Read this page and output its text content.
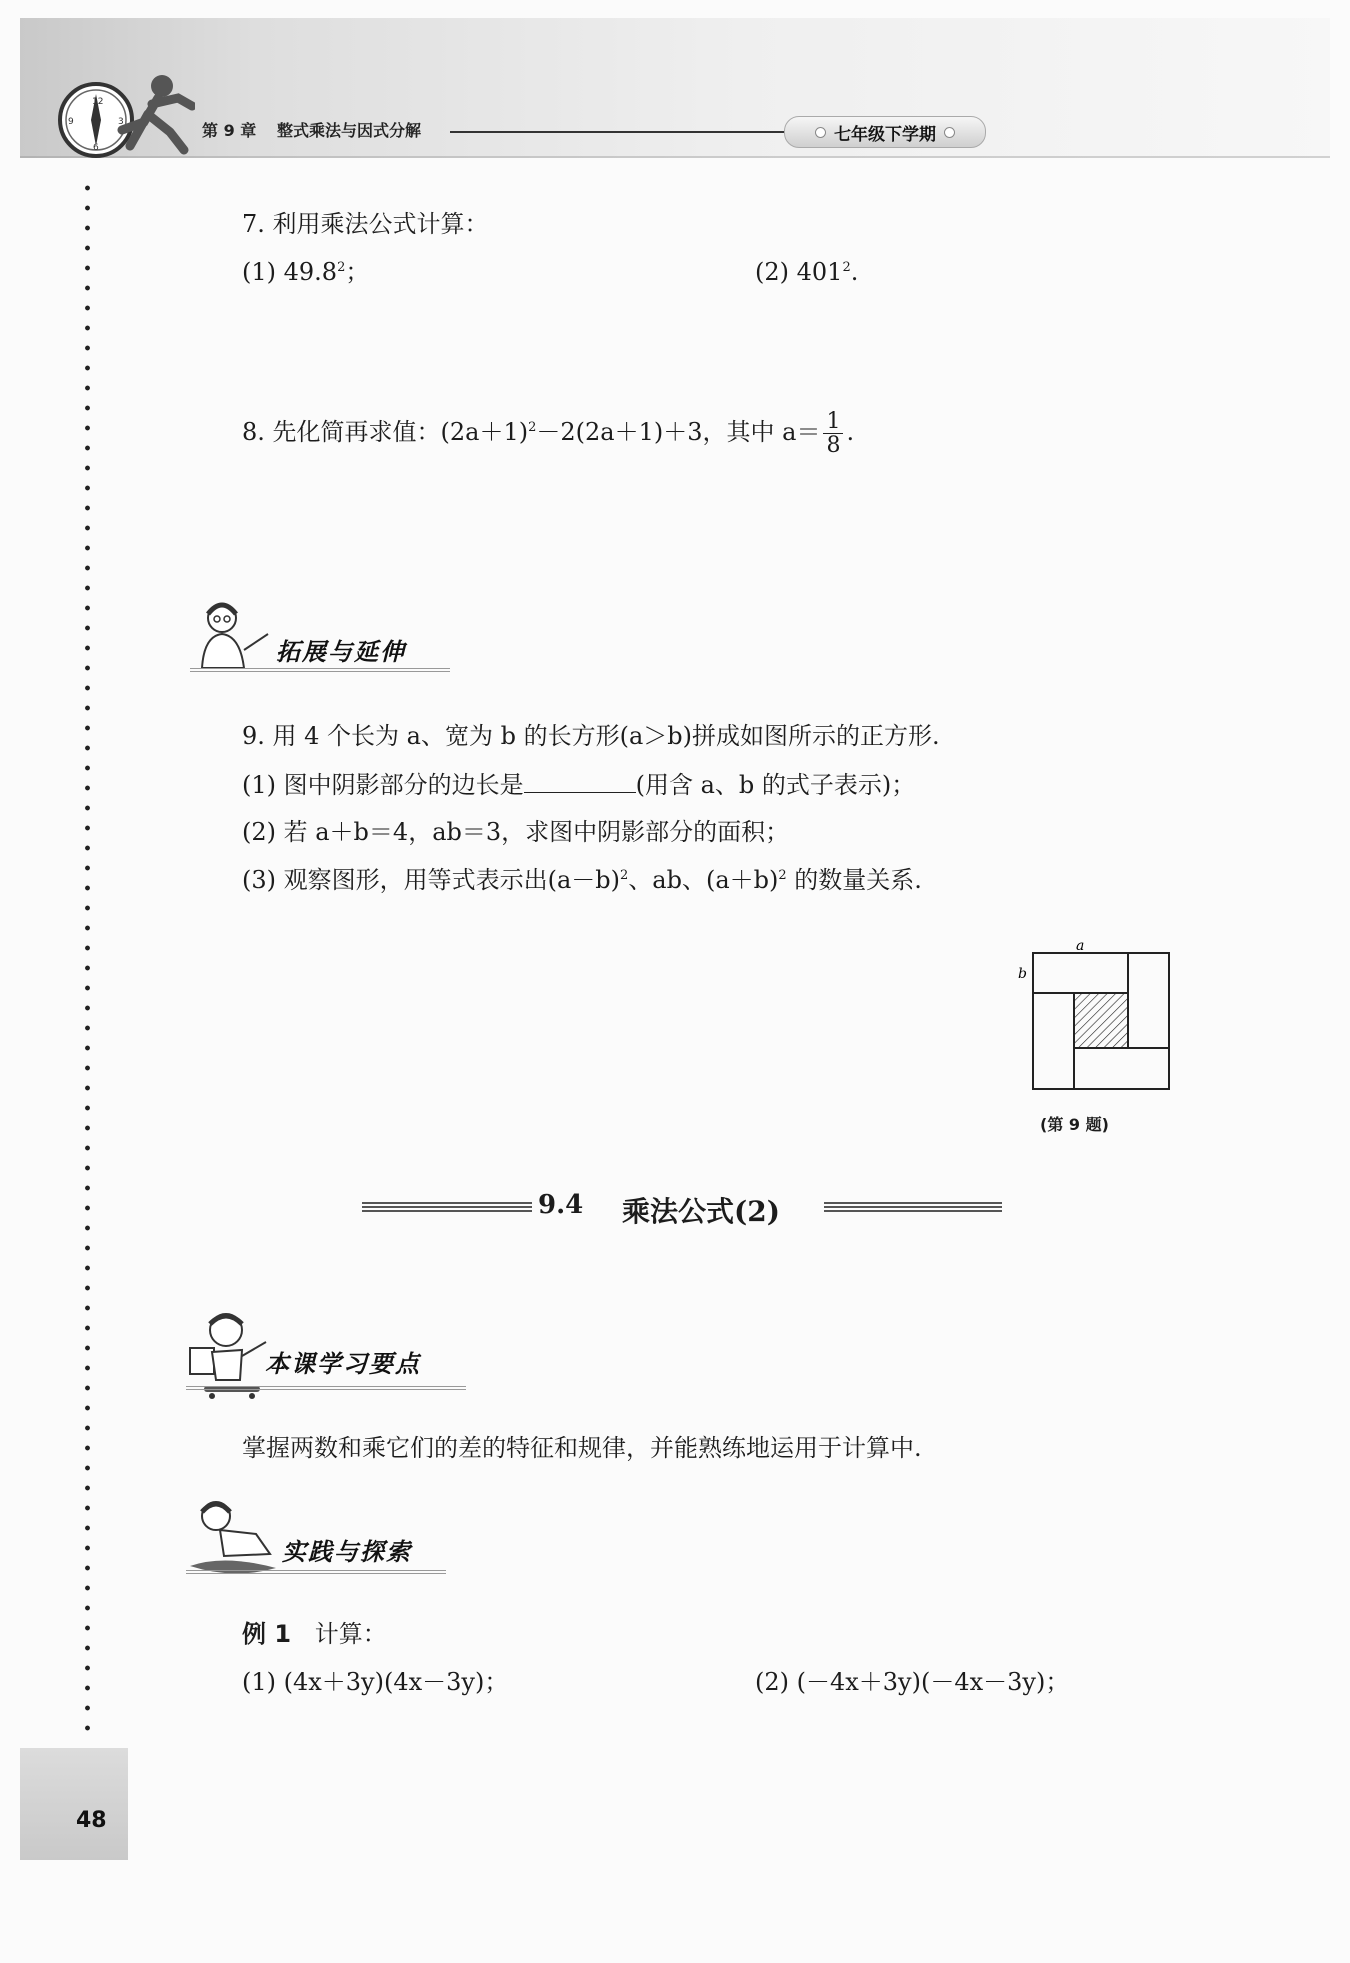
12
3
6
9	第 9 章 整式乘法与因式分解	七年级下学期
7. 利用乘法公式计算：
(1) 49.8$^2$；	(2) $401^2$.
8. 先化简再求值：$(2a+1)^2-2(2a+1)+3$，其中 $a= \frac{1}{8}$ .
拓展与延伸
9. 用 4 个长为 a、宽为 b 的长方形(a＞b)拼成如图所示的正方形.
(1) 图中阴影部分的边长是	(用含 a、b 的式子表示)；
(2) 若 a＋b＝4，ab＝3，求图中阴影部分的面积；
(3) 观察图形，用等式表示出$(a-b)^2$、ab、$(a+b)^2$ 的数量关系.
a
b
(第 9 题)
9.4 乘法公式(2)
本课学习要点
掌握两数和乘它们的差的特征和规律，并能熟练地运用于计算中.
实践与探索
例 1 计算：
(1) (4x＋3y)(4x－3y)；	(2) (－4x＋3y)(－4x－3y)；
48
